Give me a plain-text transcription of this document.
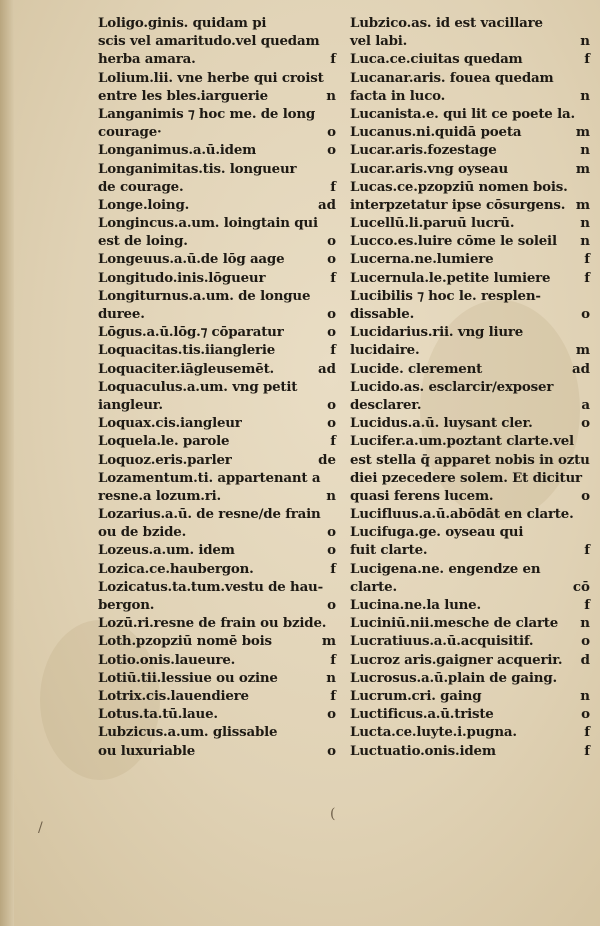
Loligo.ginis. quidam pi
scis vel amaritudo.vel quedam
herba amara.	f
Lolium.lii. vne herbe qui croist
entre les bles.iarguerie	n
Langanimis ⁊ hoc me. de long
courage·	o
Longanimus.a.ū.idem	o
Longanimitas.tis. longueur
de courage.	f
Longe.loing.	ad
Longincus.a.um. loingtain qui
est de loing.	o
Longeuus.a.ū.de lōg aage	o
Longitudo.inis.lōgueur	f
Longiturnus.a.um. de longue
duree.	o
Lōgus.a.ū.lōg.⁊ cōparatur	o
Loquacitas.tis.iianglerie	f
Loquaciter.iāgleusemēt.	ad
Loquaculus.a.um. vng petit
iangleur.	o
Loquax.cis.iangleur	o
Loquela.le. parole	f
Loquoz.eris.parler	de
Lozamentum.ti. appartenant a
resne.a lozum.ri.	n
Lozarius.a.ū. de resne/de frain
ou de bzide.	o
Lozeus.a.um. idem	o
Lozica.ce.haubergon.	f
Lozicatus.ta.tum.vestu de hau-
bergon.	o
Lozū.ri.resne de frain ou bzide.
Loth.pzopziū nomē bois	m
Lotio.onis.laueure.	f
Lotiū.tii.lessiue ou ozine	n
Lotrix.cis.lauendiere	f
Lotus.ta.tū.laue.	o
Lubzicus.a.um. glissable
ou luxuriable	o
Lubzico.as. id est vacillare
vel labi.	n
Luca.ce.ciuitas quedam	f
Lucanar.aris. fouea quedam
facta in luco.	n
Lucanista.e. qui lit ce poete la.
Lucanus.ni.quidā poeta	m
Lucar.aris.fozestage	n
Lucar.aris.vng oyseau	m
Lucas.ce.pzopziū nomen bois.
interpzetatur ipse cōsurgens. m
Lucellū.li.paruū lucrū.	n
Lucco.es.luire cōme le soleil n
Lucerna.ne.lumiere	f
Lucernula.le.petite lumiere	f
Lucibilis ⁊ hoc le. resplen-
dissable.	o
Lucidarius.rii. vng liure
lucidaire.	m
Lucide. clerement	ad
Lucido.as. esclarcir/exposer
desclarer.	a
Lucidus.a.ū. luysant cler.	o
Lucifer.a.um.poztant clarte.vel
est stella q̄ apparet nobis in oztu
diei pzecedere solem. Et dicitur
quasi ferens lucem.	o
Lucifluus.a.ū.abōdāt en clarte.
Lucifuga.ge. oyseau qui
fuit clarte.	f
Lucigena.ne. engendze en
clarte.	cō
Lucina.ne.la lune.	f
Luciniū.nii.mesche de clarte n
Lucratiuus.a.ū.acquisitif.	o
Lucroz aris.gaigner acquerir. d
Lucrosus.a.ū.plain de gaing.
Lucrum.cri. gaing	n
Luctificus.a.ū.triste	o
Lucta.ce.luyte.i.pugna.	f
Luctuatio.onis.idem	f
/
(
